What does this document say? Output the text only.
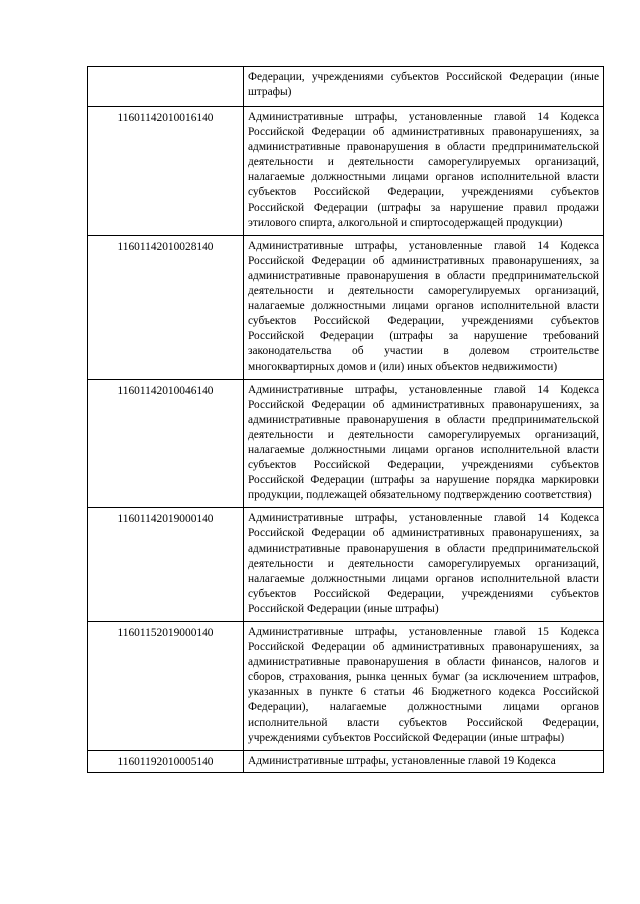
	Федерации, учреждениями субъектов Российской Федерации (иные штрафы)
11601142010016140	Административные штрафы, установленные главой 14 Кодекса Российской Федерации об административных правонарушениях, за административные правонарушения в области предпринимательской деятельности и деятельности саморегулируемых организаций, налагаемые должностными лицами органов исполнительной власти субъектов Российской Федерации, учреждениями субъектов Российской Федерации (штрафы за нарушение правил продажи этилового спирта, алкогольной и спиртосодержащей продукции)
11601142010028140	Административные штрафы, установленные главой 14 Кодекса Российской Федерации об административных правонарушениях, за административные правонарушения в области предпринимательской деятельности и деятельности саморегулируемых организаций, налагаемые должностными лицами органов исполнительной власти субъектов Российской Федерации, учреждениями субъектов Российской Федерации (штрафы за нарушение требований законодательства об участии в долевом строительстве многоквартирных домов и (или) иных объектов недвижимости)
11601142010046140	Административные штрафы, установленные главой 14 Кодекса Российской Федерации об административных правонарушениях, за административные правонарушения в области предпринимательской деятельности и деятельности саморегулируемых организаций, налагаемые должностными лицами органов исполнительной власти субъектов Российской Федерации, учреждениями субъектов Российской Федерации (штрафы за нарушение порядка маркировки продукции, подлежащей обязательному подтверждению соответствия)
11601142019000140	Административные штрафы, установленные главой 14 Кодекса Российской Федерации об административных правонарушениях, за административные правонарушения в области предпринимательской деятельности и деятельности саморегулируемых организаций, налагаемые должностными лицами органов исполнительной власти субъектов Российской Федерации, учреждениями субъектов Российской Федерации (иные штрафы)
11601152019000140	Административные штрафы, установленные главой 15 Кодекса Российской Федерации об административных правонарушениях, за административные правонарушения в области финансов, налогов и сборов, страхования, рынка ценных бумаг (за исключением штрафов, указанных в пункте 6 статьи 46 Бюджетного кодекса Российской Федерации), налагаемые должностными лицами органов исполнительной власти субъектов Российской Федерации, учреждениями субъектов Российской Федерации (иные штрафы)
11601192010005140	Административные штрафы, установленные главой 19 Кодекса
